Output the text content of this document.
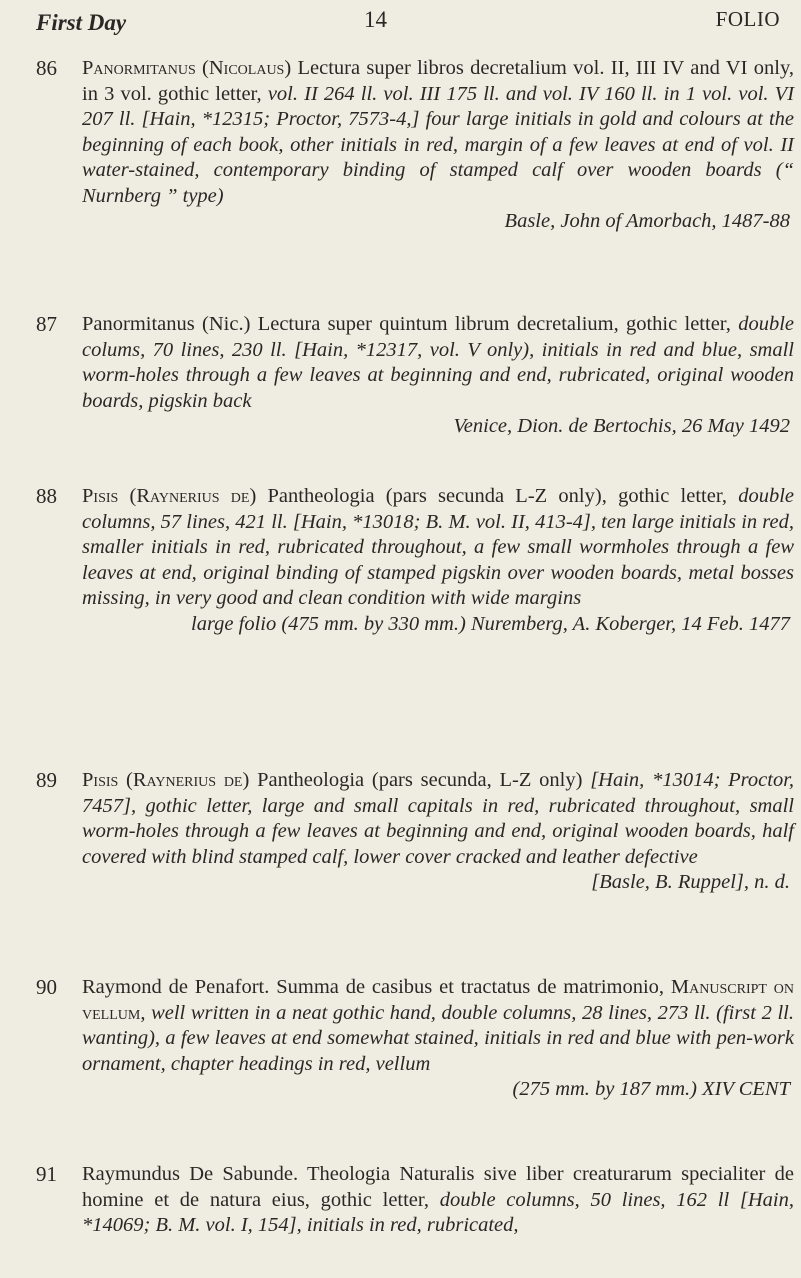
First Day	14	FOLIO
86	Panormitanus (Nicolaus) Lectura super libros decretalium vol. II, III IV and VI only, in 3 vol. gothic letter, vol. II 264 ll. vol. III 175 ll. and vol. IV 160 ll. in 1 vol. vol. VI 207 ll. [Hain, *12315; Proctor, 7573-4,] four large initials in gold and colours at the beginning of each book, other initials in red, margin of a few leaves at end of vol. II water-stained, contemporary binding of stamped calf over wooden boards (“ Nurnberg ” type)
Basle, John of Amorbach, 1487-88
87	Panormitanus (Nic.) Lectura super quintum librum decretalium, gothic letter, double colums, 70 lines, 230 ll. [Hain, *12317, vol. V only), initials in red and blue, small worm-holes through a few leaves at beginning and end, rubricated, original wooden boards, pigskin back
Venice, Dion. de Bertochis, 26 May 1492
88	Pisis (Raynerius de) Pantheologia (pars secunda L-Z only), gothic letter, double columns, 57 lines, 421 ll. [Hain, *13018; B. M. vol. II, 413-4], ten large initials in red, smaller initials in red, rubricated throughout, a few small wormholes through a few leaves at end, original binding of stamped pigskin over wooden boards, metal bosses missing, in very good and clean condition with wide margins
large folio (475 mm. by 330 mm.) Nuremberg, A. Koberger, 14 Feb. 1477
89	Pisis (Raynerius de) Pantheologia (pars secunda, L-Z only) [Hain, *13014; Proctor, 7457], gothic letter, large and small capitals in red, rubricated throughout, small worm-holes through a few leaves at beginning and end, original wooden boards, half covered with blind stamped calf, lower cover cracked and leather defective
[Basle, B. Ruppel], n. d.
90	Raymond de Penafort. Summa de casibus et tractatus de matrimonio, Manuscript on vellum, well written in a neat gothic hand, double columns, 28 lines, 273 ll. (first 2 ll. wanting), a few leaves at end somewhat stained, initials in red and blue with pen-work ornament, chapter headings in red, vellum
(275 mm. by 187 mm.) XIV CENT
91	Raymundus De Sabunde. Theologia Naturalis sive liber creaturarum specialiter de homine et de natura eius, gothic letter, double columns, 50 lines, 162 ll [Hain, *14069; B. M. vol. I, 154], initials in red, rubricated,
